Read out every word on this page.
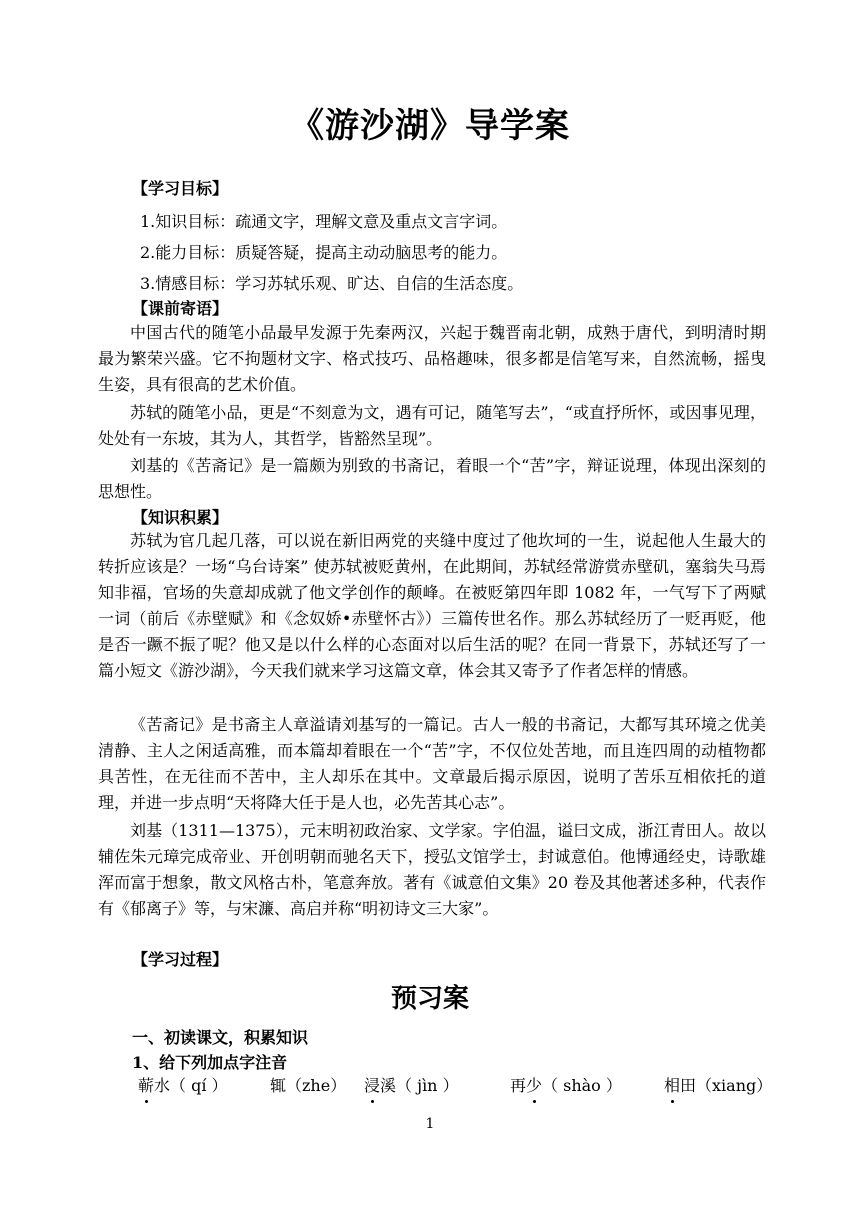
《游沙湖》导学案
【学习目标】
1.知识目标：疏通文字，理解文意及重点文言字词。
2.能力目标：质疑答疑，提高主动动脑思考的能力。
3.情感目标：学习苏轼乐观、旷达、自信的生活态度。
【课前寄语】

中国古代的随笔小品最早发源于先秦两汉，兴起于魏晋南北朝，成熟于唐代，到明清时期最为繁荣兴盛。它不拘题材文字、格式技巧、品格趣味，很多都是信笔写来，自然流畅，摇曳生姿，具有很高的艺术价值。

苏轼的随笔小品，更是“不刻意为文，遇有可记，随笔写去”，“或直抒所怀，或因事见理，处处有一东坡，其为人，其哲学，皆豁然呈现”。

刘基的《苦斋记》是一篇颇为别致的书斋记，着眼一个“苦”字，辩证说理，体现出深刻的思想性。

【知识积累】

苏轼为官几起几落，可以说在新旧两党的夹缝中度过了他坎坷的一生，说起他人生最大的转折应该是？一场“乌台诗案” 使苏轼被贬黄州，在此期间，苏轼经常游赏赤壁矶，塞翁失马焉知非福，官场的失意却成就了他文学创作的颠峰。在被贬第四年即 1082 年，一气写下了两赋一词（前后《赤壁赋》和《念奴娇•赤壁怀古》）三篇传世名作。那么苏轼经历了一贬再贬，他是否一蹶不振了呢？他又是以什么样的心态面对以后生活的呢？在同一背景下，苏轼还写了一篇小短文《游沙湖》，今天我们就来学习这篇文章，体会其又寄予了作者怎样的情感。

《苦斋记》是书斋主人章溢请刘基写的一篇记。古人一般的书斋记，大都写其环境之优美清静、主人之闲适高雅，而本篇却着眼在一个“苦”字，不仅位处苦地，而且连四周的动植物都具苦性，在无往而不苦中，主人却乐在其中。文章最后揭示原因，说明了苦乐互相依托的道理，并进一步点明“天将降大任于是人也，必先苦其心志”。

刘基（1311—1375），元末明初政治家、文学家。字伯温，谥曰文成，浙江青田人。故以辅佐朱元璋完成帝业、开创明朝而驰名天下，授弘文馆学士，封诚意伯。他博通经史，诗歌雄浑而富于想象，散文风格古朴，笔意奔放。著有《诚意伯文集》20 卷及其他著述多种，代表作有《郁离子》等，与宋濂、高启并称“明初诗文三大家”。

【学习过程】
预习案
一、初读课文，积累知识
1、给下列加点字注音
蕲水（ qí ）	辄（zhe） 浸溪（ jìn ）	再少（ shào ）	相田（xiang）
1
